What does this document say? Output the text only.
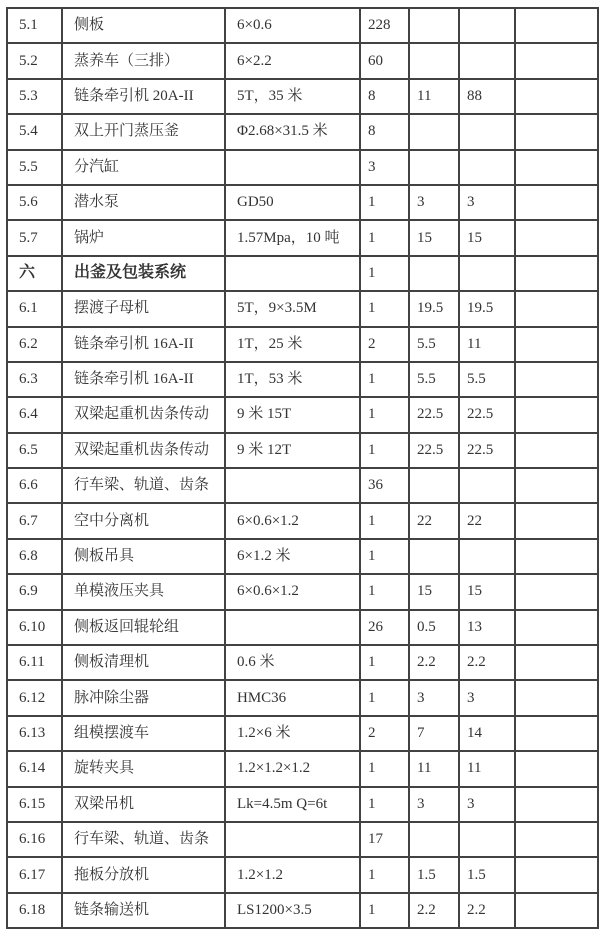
5.1	侧板	6×0.6	228			
5.2	蒸养车（三排）	6×2.2	60			
5.3	链条牵引机 20A-II	5T，35 米	8	11	88	
5.4	双上开门蒸压釜	Φ2.68×31.5 米	8			
5.5	分汽缸		3			
5.6	潜水泵	GD50	1	3	3	
5.7	锅炉	1.57Mpa，10 吨	1	15	15	
六	出釜及包装系统		1			
6.1	摆渡子母机	5T，9×3.5M	1	19.5	19.5	
6.2	链条牵引机 16A-II	1T，25 米	2	5.5	11	
6.3	链条牵引机 16A-II	1T，53 米	1	5.5	5.5	
6.4	双梁起重机齿条传动	9 米 15T	1	22.5	22.5	
6.5	双梁起重机齿条传动	9 米 12T	1	22.5	22.5	
6.6	行车梁、轨道、齿条		36			
6.7	空中分离机	6×0.6×1.2	1	22	22	
6.8	侧板吊具	6×1.2 米	1			
6.9	单模液压夹具	6×0.6×1.2	1	15	15	
6.10	侧板返回辊轮组		26	0.5	13	
6.11	侧板清理机	0.6 米	1	2.2	2.2	
6.12	脉冲除尘器	HMC36	1	3	3	
6.13	组模摆渡车	1.2×6 米	2	7	14	
6.14	旋转夹具	1.2×1.2×1.2	1	11	11	
6.15	双梁吊机	Lk=4.5m Q=6t	1	3	3	
6.16	行车梁、轨道、齿条		17			
6.17	拖板分放机	1.2×1.2	1	1.5	1.5	
6.18	链条输送机	LS1200×3.5	1	2.2	2.2	
